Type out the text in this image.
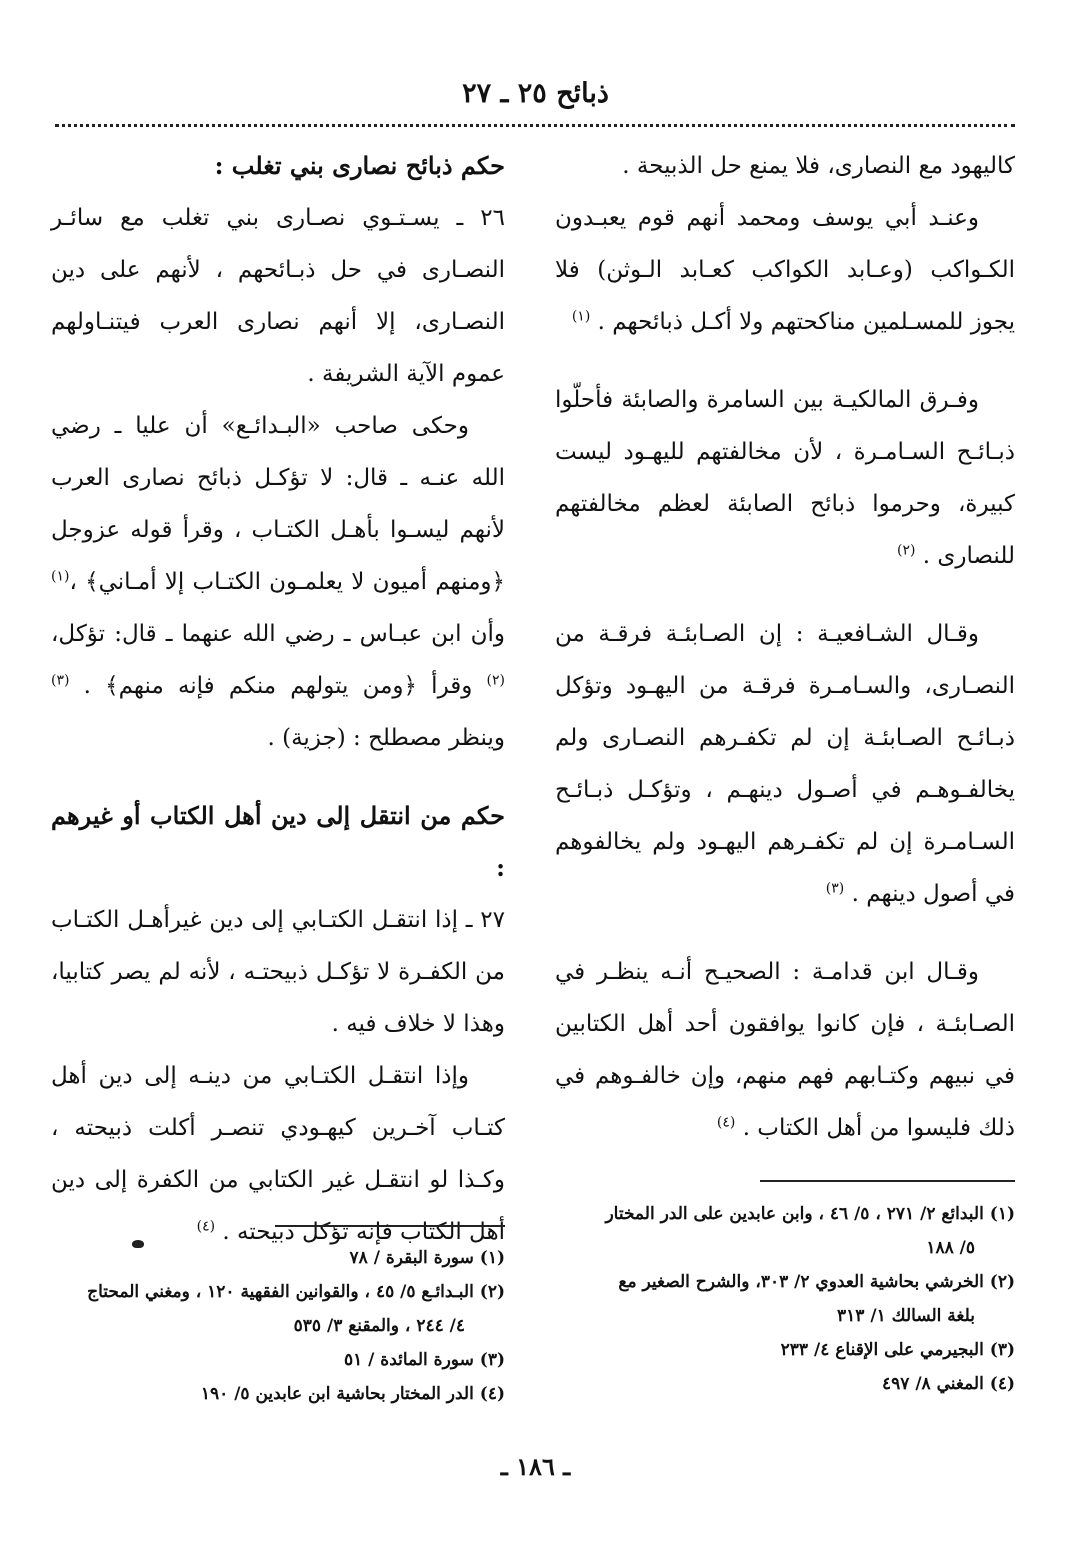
ذبائح ٢٥ ـ ٢٧

كاليهود مع النصارى، فلا يمنع حل الذبيحة .

وعنـد أبي يوسف ومحمد أنهم قوم يعبـدون الكـواكب (وعـابد الكواكب كعـابد الـوثن) فلا يجوز للمسـلمين مناكحتهم ولا أكـل ذبائحهم . $^{(١)}$

وفـرق المالكيـة بين السامرة والصابئة فأحلّوا ذبـائـح السـامـرة ، لأن مخالفتهم لليهـود ليست كبيرة، وحرموا ذبائح الصابئة لعظم مخالفتهم للنصارى . $^{(٢)}$

وقـال الشـافعيـة : إن الصـابئـة فرقـة من النصـارى، والسـامـرة فرقـة من اليهـود وتؤكل ذبـائـح الصـابئـة إن لم تكفـرهم النصـارى ولم يخالفـوهـم في أصـول دينهـم ، وتؤكـل ذبـائـح السـامـرة إن لم تكفـرهم اليهـود ولم يخالفوهم في أصول دينهم . $^{(٣)}$

وقـال ابن قدامـة : الصحيـح أنـه ينظـر في الصـابئـة ، فإن كانوا يوافقون أحد أهل الكتابين في نبيهم وكتـابهم فهم منهم، وإن خالفـوهم في ذلك فليسوا من أهل الكتاب . $^{(٤)}$

(١) البدائع ٢/ ٢٧١ ، ٥/ ٤٦ ، وابن عابدين على الدر المختار
٥/ ١٨٨
(٢) الخرشي بحاشية العدوي ٢/ ٣٠٣، والشرح الصغير مع
بلغة السالك ١/ ٣١٣
(٣) البجيرمي على الإقناع ٤/ ٢٣٣
(٤) المغني ٨/ ٤٩٧

حكم ذبائح نصارى بني تغلب :

٢٦ ـ يسـتـوي نصـارى بني تغلب مع سائـر النصـارى في حل ذبـائحهم ، لأنهم على دين النصـارى، إلا أنهم نصارى العرب فيتنـاولهم عموم الآية الشريفة .

وحكى صاحب «البـدائـع» أن عليا ـ رضي الله عنـه ـ قال: لا تؤكـل ذبائح نصارى العرب لأنهم ليسـوا بأهـل الكتـاب ، وقرأ قوله عزوجل ﴿ومنهم أميون لا يعلمـون الكتـاب إلا أمـاني﴾ ،$^{(١)}$ وأن ابن عبـاس ـ رضي الله عنهما ـ قال: تؤكل،$^{(٢)}$ وقرأ ﴿ومن يتولهم منكم فإنه منهم﴾ . $^{(٣)}$ وينظر مصطلح : (جزية) .

حكم من انتقل إلى دين أهل الكتاب أو غيرهم :

٢٧ ـ إذا انتقـل الكتـابي إلى دين غيرأهـل الكتـاب من الكفـرة لا تؤكـل ذبيحتـه ، لأنه لم يصر كتابيا، وهذا لا خلاف فيه .

وإذا انتقـل الكتـابي من دينـه إلى دين أهل كتـاب آخـرين كيهـودي تنصـر أكلت ذبيحته ، وكـذا لو انتقـل غير الكتابي من الكفرة إلى دين أهل الكتاب فإنه تؤكل ذبيحته . $^{(٤)}$

(١) سورة البقرة / ٧٨
(٢) البـدائـع ٥/ ٤٥ ، والقوانين الفقهية ١٢٠ ، ومغني المحتاج
٤/ ٢٤٤ ، والمقنع ٣/ ٥٣٥
(٣) سورة المائدة / ٥١
(٤) الدر المختار بحاشية ابن عابدين ٥/ ١٩٠
ـ ١٨٦ ـ
